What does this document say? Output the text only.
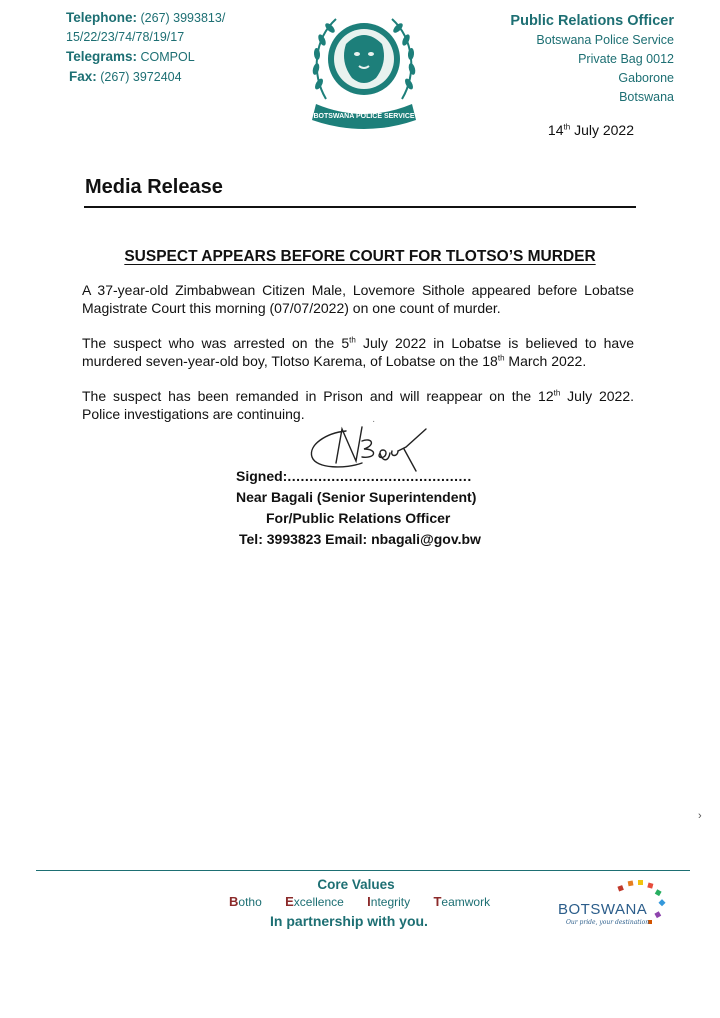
Telephone: (267) 3993813/
15/22/23/74/78/19/17
Telegrams: COMPOL
Fax: (267) 3972404
BOTSWANA POLICE SERVICE
Public Relations Officer
Botswana Police Service
Private Bag 0012
Gaborone
Botswana
14th July 2022
Media Release
SUSPECT APPEARS BEFORE COURT FOR TLOTSO’S MURDER
A 37-year-old Zimbabwean Citizen Male, Lovemore Sithole appeared before Lobatse Magistrate Court this morning (07/07/2022) on one count of murder.
The suspect who was arrested on the 5th July 2022 in Lobatse is believed to have murdered seven-year-old boy, Tlotso Karema, of Lobatse on the 18th March 2022.
The suspect has been remanded in Prison and will reappear on the 12th July 2022. Police investigations are continuing.	·
Signed:..........................................
Near Bagali (Senior Superintendent)
For/Public Relations Officer
Tel: 3993823 Email: nbagali@gov.bw
›
Core Values
Botho Excellence Integrity Teamwork
In partnership with you.
BOTSWANA
Our pride, your destination
